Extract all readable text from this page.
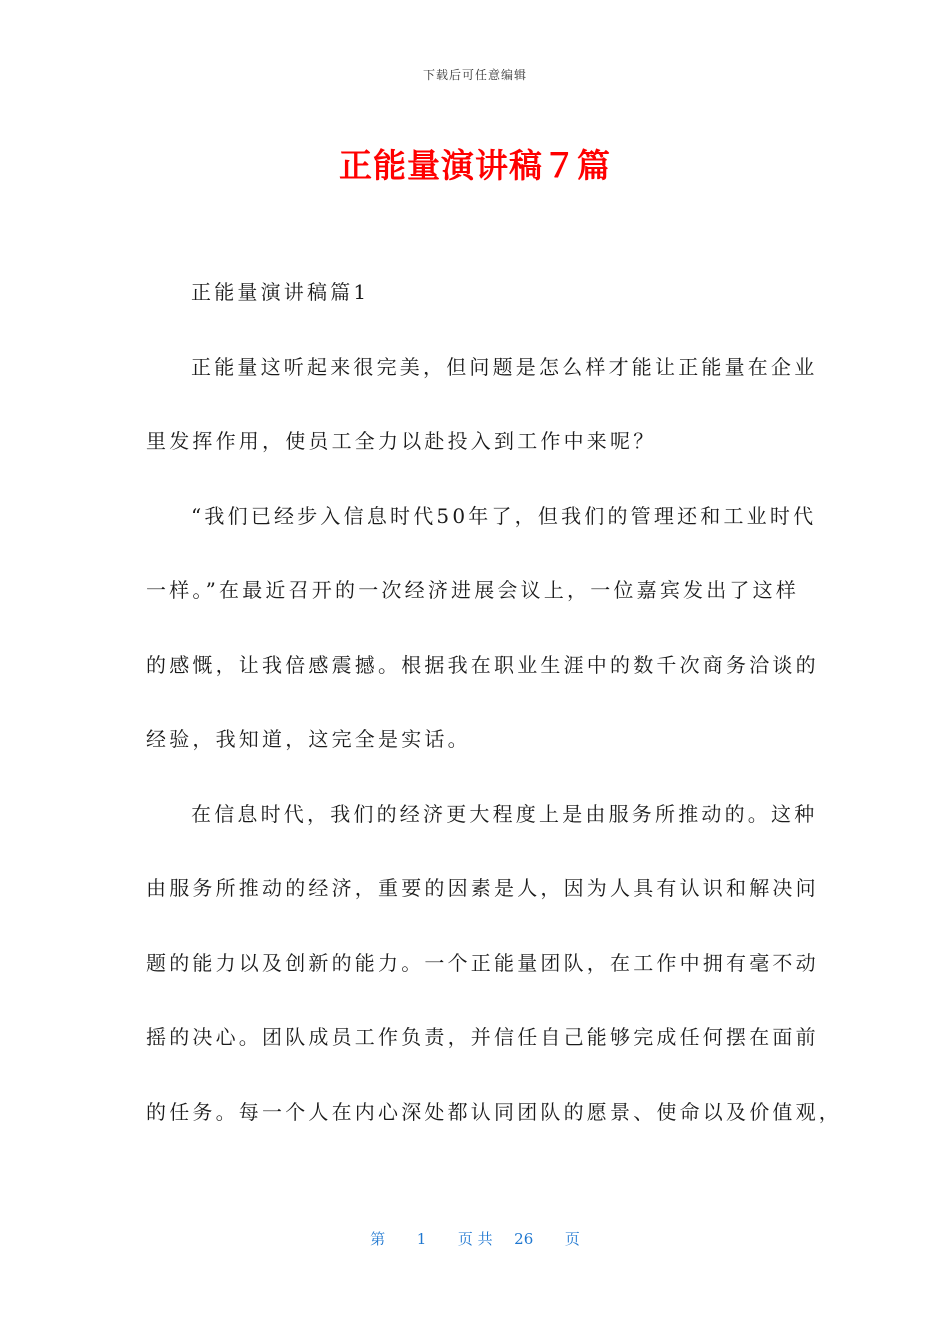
下载后可任意编辑
正能量演讲稿７篇
正能量演讲稿篇1
正能量这听起来很完美，但问题是怎么样才能让正能量在企业
里发挥作用，使员工全力以赴投入到工作中来呢？
“我们已经步入信息时代50年了，但我们的管理还和工业时代
一样。”在最近召开的一次经济进展会议上，一位嘉宾发出了这样
的感慨，让我倍感震撼。根据我在职业生涯中的数千次商务洽谈的
经验，我知道，这完全是实话。
在信息时代，我们的经济更大程度上是由服务所推动的。这种
由服务所推动的经济，重要的因素是人，因为人具有认识和解决问
题的能力以及创新的能力。一个正能量团队，在工作中拥有毫不动
摇的决心。团队成员工作负责，并信任自己能够完成任何摆在面前
的任务。每一个人在内心深处都认同团队的愿景、使命以及价值观，
第 1 页 共 26 页
